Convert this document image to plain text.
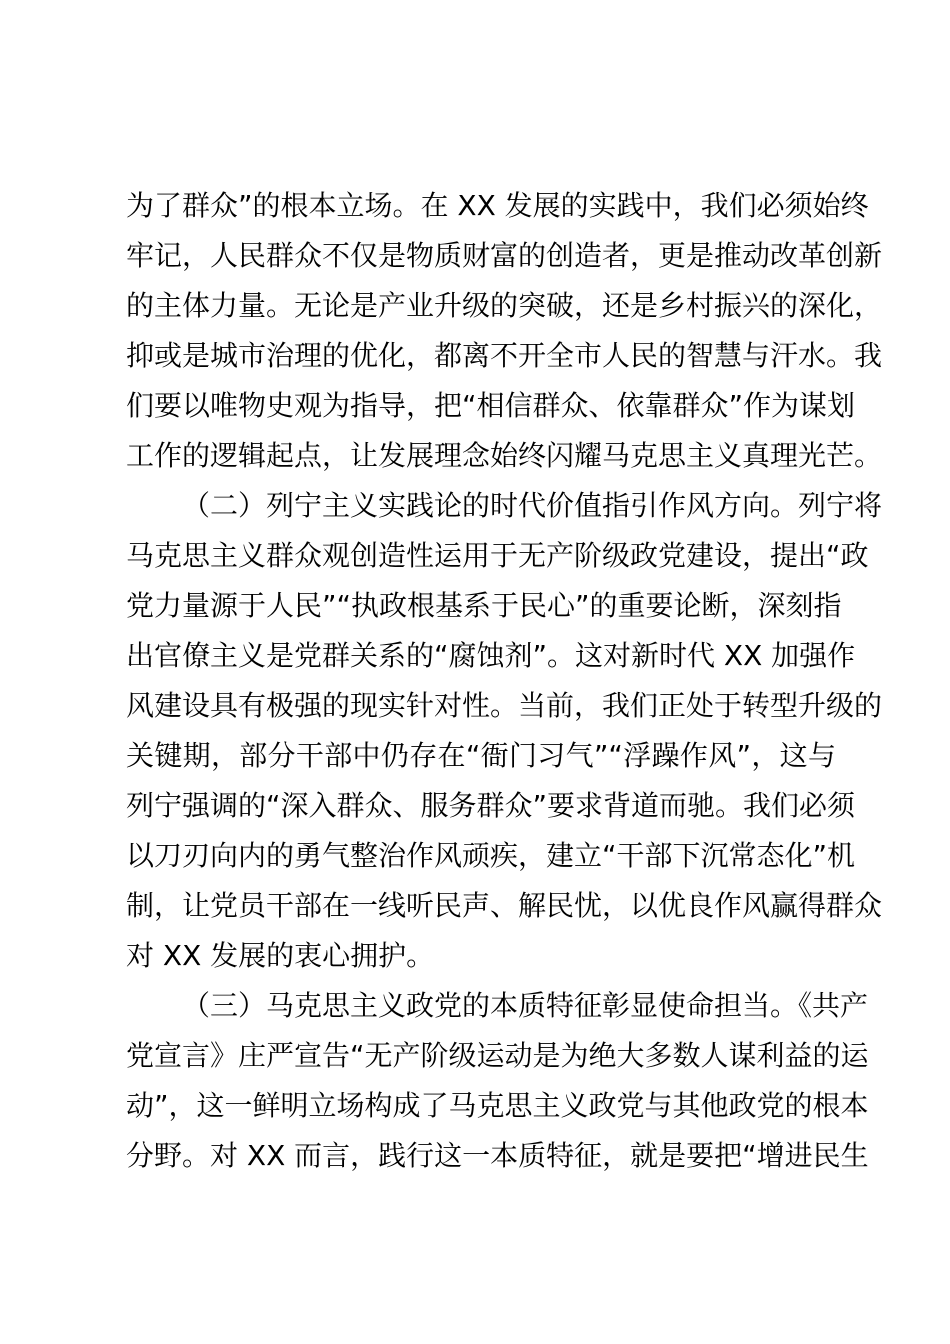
为了群众”的根本立场。在 XX 发展的实践中，我们必须始终
牢记，人民群众不仅是物质财富的创造者，更是推动改革创新
的主体力量。无论是产业升级的突破，还是乡村振兴的深化，
抑或是城市治理的优化，都离不开全市人民的智慧与汗水。我
们要以唯物史观为指导，把“相信群众、依靠群众”作为谋划
工作的逻辑起点，让发展理念始终闪耀马克思主义真理光芒。
（二）列宁主义实践论的时代价值指引作风方向。列宁将
马克思主义群众观创造性运用于无产阶级政党建设，提出“政
党力量源于人民”“执政根基系于民心”的重要论断，深刻指
出官僚主义是党群关系的“腐蚀剂”。这对新时代 XX 加强作
风建设具有极强的现实针对性。当前，我们正处于转型升级的
关键期，部分干部中仍存在“衙门习气”“浮躁作风”，这与
列宁强调的“深入群众、服务群众”要求背道而驰。我们必须
以刀刃向内的勇气整治作风顽疾，建立“干部下沉常态化”机
制，让党员干部在一线听民声、解民忧，以优良作风赢得群众
对 XX 发展的衷心拥护。
（三）马克思主义政党的本质特征彰显使命担当。《共产
党宣言》庄严宣告“无产阶级运动是为绝大多数人谋利益的运
动”，这一鲜明立场构成了马克思主义政党与其他政党的根本
分野。对 XX 而言，践行这一本质特征，就是要把“增进民生
